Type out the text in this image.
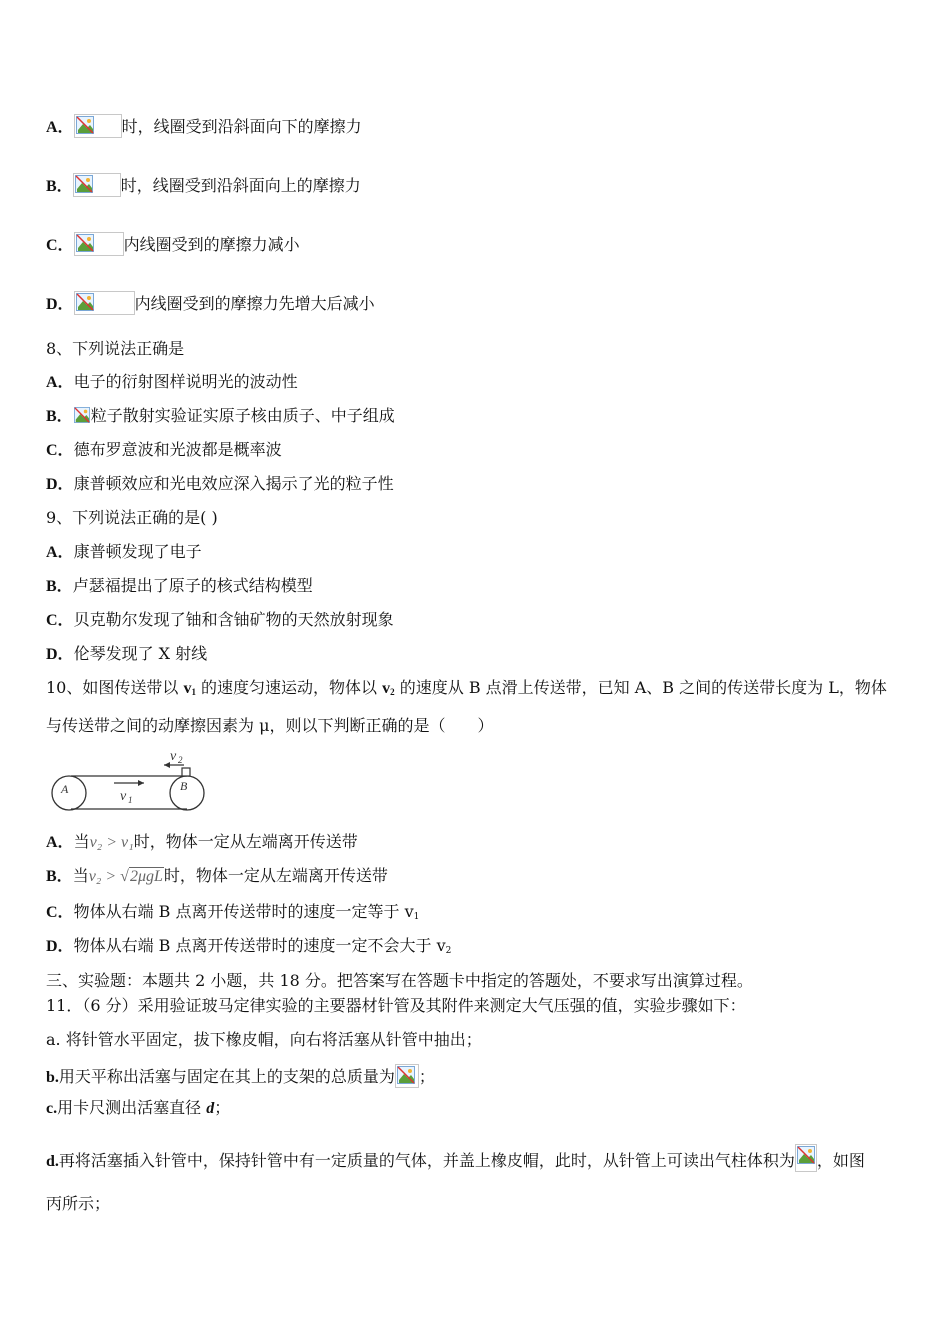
A．	时，线圈受到沿斜面向下的摩擦力
B．	时，线圈受到沿斜面向上的摩擦力
C．	内线圈受到的摩擦力减小
D．	内线圈受到的摩擦力先增大后减小
8、下列说法正确是
A．电子的衍射图样说明光的波动性
B． 粒子散射实验证实原子核由质子、中子组成
C．德布罗意波和光波都是概率波
D．康普顿效应和光电效应深入揭示了光的粒子性
9、下列说法正确的是( )
A．康普顿发现了电子
B．卢瑟福提出了原子的核式结构模型
C．贝克勒尔发现了铀和含铀矿物的天然放射现象
D．伦琴发现了 X 射线
10、如图传送带以 v1 的速度匀速运动，物体以 v2 的速度从 B 点滑上传送带，已知 A、B 之间的传送带长度为 L，物体
与传送带之间的动摩擦因素为 μ，则以下判断正确的是（　　）
A	B
v 1
v 2
A．当v₂ > v₁时，物体一定从左端离开传送带
B．当v₂ > √2μgL时，物体一定从左端离开传送带
C．物体从右端 B 点离开传送带时的速度一定等于 v1
D．物体从右端 B 点离开传送带时的速度一定不会大于 v2
三、实验题：本题共 2 小题，共 18 分。把答案写在答题卡中指定的答题处，不要求写出演算过程。
11．（6 分）采用验证玻马定律实验的主要器材针管及其附件来测定大气压强的值，实验步骤如下：
a. 将针管水平固定，拔下橡皮帽，向右将活塞从针管中抽出；
b.用天平称出活塞与固定在其上的支架的总质量为 ；
c.用卡尺测出活塞直径 d；
d.再将活塞插入针管中，保持针管中有一定质量的气体，并盖上橡皮帽，此时，从针管上可读出气柱体积为 ，如图
丙所示；
